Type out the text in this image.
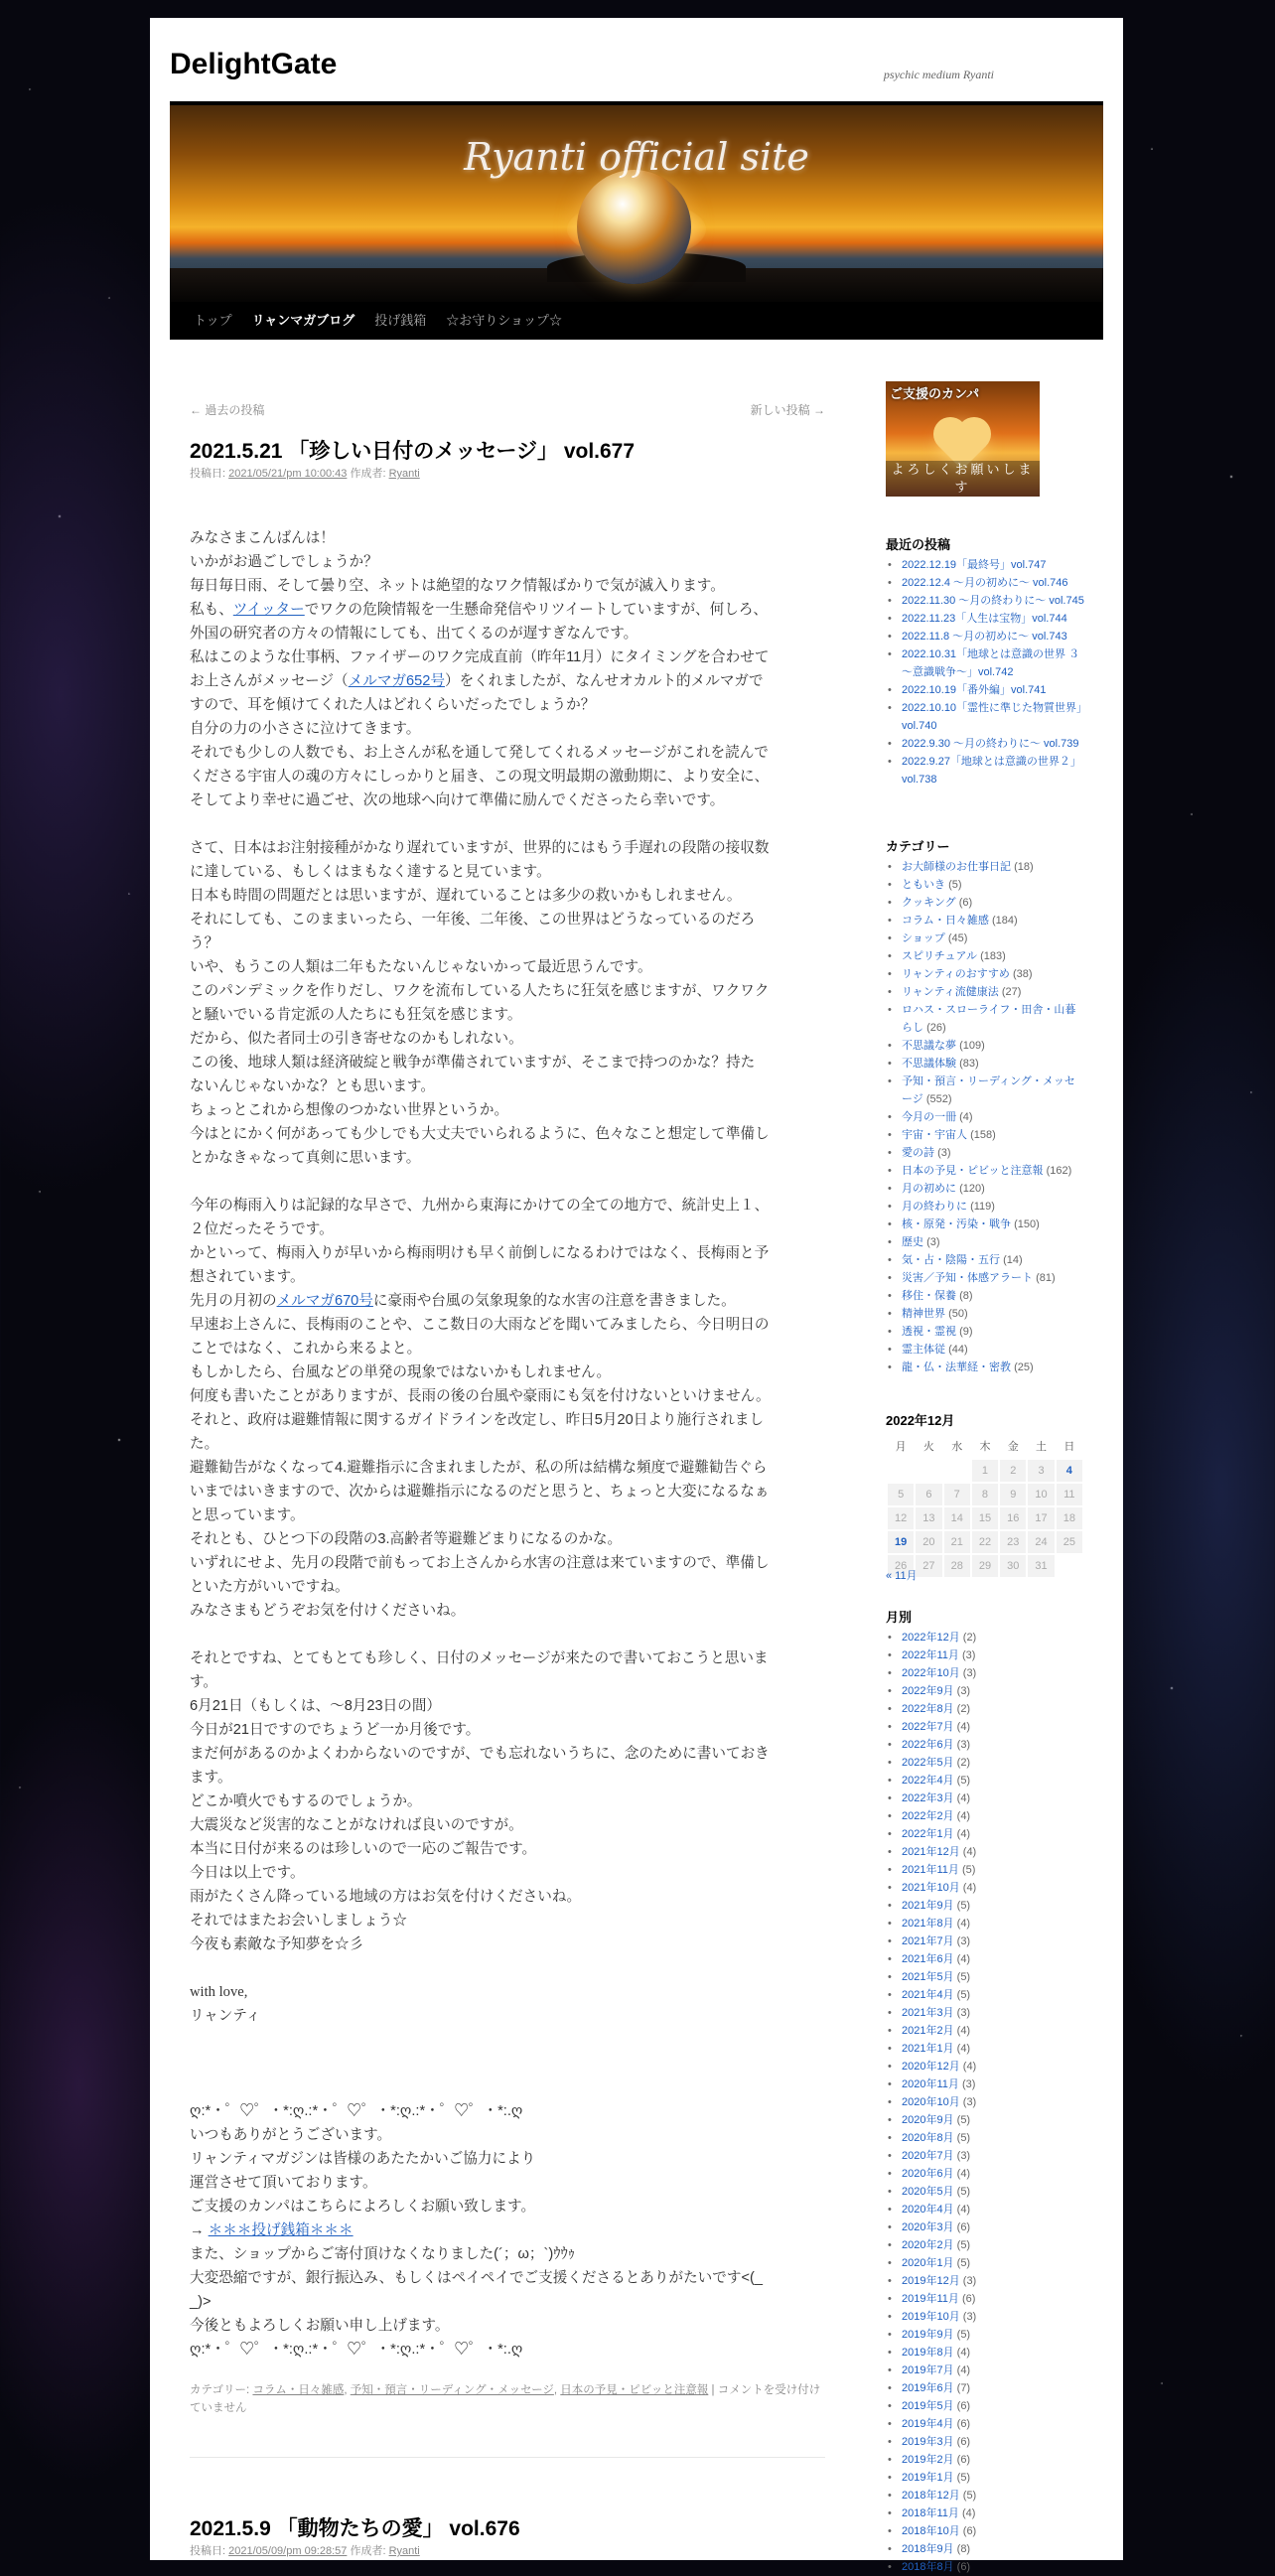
DelightGate	psychic medium Ryanti
Ryanti official site
トップ リャンマガブログ 投げ銭箱 ☆お守りショップ☆
← 過去の投稿	新しい投稿 →
2021.5.21 「珍しい日付のメッセージ」 vol.677
投稿日: 2021/05/21/pm 10:00:43 作成者: Ryanti

みなさまこんばんは！

いかがお過ごしでしょうか？

毎日毎日雨、そして曇り空、ネットは絶望的なワク情報ばかりで気が滅入ります。

私も、ツイッターでワクの危険情報を一生懸命発信やリツイートしていますが、何しろ、

外国の研究者の方々の情報にしても、出てくるのが遅すぎなんです。

私はこのような仕事柄、ファイザーのワク完成直前（昨年11月）にタイミングを合わせて

お上さんがメッセージ（メルマガ652号）をくれましたが、なんせオカルト的メルマガで

すので、耳を傾けてくれた人はどれくらいだったでしょうか？

自分の力の小ささに泣けてきます。

それでも少しの人数でも、お上さんが私を通して発してくれるメッセージがこれを読んで

くださる宇宙人の魂の方々にしっかりと届き、この現文明最期の激動期に、より安全に、

そしてより幸せに過ごせ、次の地球へ向けて準備に励んでくださったら幸いです。

さて、日本はお注射接種がかなり遅れていますが、世界的にはもう手遅れの段階の接収数

に達している、もしくはまもなく達すると見ています。

日本も時間の問題だとは思いますが、遅れていることは多少の救いかもしれません。

それにしても、このままいったら、一年後、二年後、この世界はどうなっているのだろ

う？

いや、もうこの人類は二年もたないんじゃないかって最近思うんです。

このパンデミックを作りだし、ワクを流布している人たちに狂気を感じますが、ワクワク

と騒いでいる肯定派の人たちにも狂気を感じます。

だから、似た者同士の引き寄せなのかもしれない。

この後、地球人類は経済破綻と戦争が準備されていますが、そこまで持つのかな？持た

ないんじゃないかな？とも思います。

ちょっとこれから想像のつかない世界というか。

今はとにかく何があっても少しでも大丈夫でいられるように、色々なこと想定して準備し

とかなきゃなって真剣に思います。

今年の梅雨入りは記録的な早さで、九州から東海にかけての全ての地方で、統計史上１、

２位だったそうです。

かといって、梅雨入りが早いから梅雨明けも早く前倒しになるわけではなく、長梅雨と予

想されています。

先月の月初のメルマガ670号に豪雨や台風の気象現象的な水害の注意を書きました。

早速お上さんに、長梅雨のことや、ここ数日の大雨などを聞いてみましたら、今日明日の

ことではなく、これから来るよと。

もしかしたら、台風などの単発の現象ではないかもしれません。

何度も書いたことがありますが、長雨の後の台風や豪雨にも気を付けないといけません。

それと、政府は避難情報に関するガイドラインを改定し、昨日5月20日より施行されまし

た。

避難勧告がなくなって4.避難指示に含まれましたが、私の所は結構な頻度で避難勧告ぐら

いまではいきますので、次からは避難指示になるのだと思うと、ちょっと大変になるなぁ

と思っています。

それとも、ひとつ下の段階の3.高齢者等避難どまりになるのかな。

いずれにせよ、先月の段階で前もってお上さんから水害の注意は来ていますので、準備し

といた方がいいですね。

みなさまもどうぞお気を付けくださいね。

それとですね、とてもとても珍しく、日付のメッセージが来たので書いておこうと思いま

す。

6月21日（もしくは、～8月23日の間）

今日が21日ですのでちょうど一か月後です。

まだ何があるのかよくわからないのですが、でも忘れないうちに、念のために書いておき

ます。

どこか噴火でもするのでしょうか。

大震災など災害的なことがなければ良いのですが。

本当に日付が来るのは珍しいので一応のご報告です。

今日は以上です。

雨がたくさん降っている地域の方はお気を付けくださいね。

それではまたお会いしましょう☆

今夜も素敵な予知夢を☆彡

with love,

リャンティ

ღ:*・゜♡゜・*:ღ.:*・゜♡゜・*:ღ.:*・゜♡゜・*:.ღ

いつもありがとうございます。

リャンティマガジンは皆様のあたたかいご協力により

運営させて頂いております。

ご支援のカンパはこちらによろしくお願い致します。

→ ＊＊＊投げ銭箱＊＊＊

また、ショップからご寄付頂けなくなりました(´；ω；`)ｳｳｩ

大変恐縮ですが、銀行振込み、もしくはペイペイでご支援くださるとありがたいです<(_

_)>

今後ともよろしくお願い申し上げます。

ღ:*・゜♡゜・*:ღ.:*・゜♡゜・*:ღ.:*・゜♡゜・*:.ღ

カテゴリー: コラム・日々雑感, 予知・預言・リーディング・メッセージ, 日本の予見・ピビッと注意報 | コメントを受け付けていません
2021.5.9 「動物たちの愛」 vol.676
投稿日: 2021/05/09/pm 09:28:57 作成者: Ryanti
ご支援のカンパ
よろしくお願いします
最近の投稿
• 2022.12.19「最終号」vol.747
• 2022.12.4 ～月の初めに～ vol.746
• 2022.11.30 ～月の終わりに～ vol.745
• 2022.11.23「人生は宝物」vol.744
• 2022.11.8 ～月の初めに～ vol.743
• 2022.10.31「地球とは意識の世界 ３～意識戦争～」vol.742
• 2022.10.19「番外編」vol.741
• 2022.10.10「霊性に準じた物質世界」vol.740
• 2022.9.30 ～月の終わりに～ vol.739
• 2022.9.27「地球とは意識の世界２」vol.738
カテゴリー
• お大師様のお仕事日記 (18)
• ともいき (5)
• クッキング (6)
• コラム・日々雑感 (184)
• ショップ (45)
• スピリチュアル (183)
• リャンティのおすすめ (38)
• リャンティ流健康法 (27)
• ロハス・スローライフ・田舎・山暮らし (26)
• 不思議な夢 (109)
• 不思議体験 (83)
• 予知・預言・リーディング・メッセージ (552)
• 今月の一冊 (4)
• 宇宙・宇宙人 (158)
• 愛の詩 (3)
• 日本の予見・ピビッと注意報 (162)
• 月の初めに (120)
• 月の終わりに (119)
• 核・原発・汚染・戦争 (150)
• 歴史 (3)
• 気・占・陰陽・五行 (14)
• 災害／予知・体感アラート (81)
• 移住・保養 (8)
• 精神世界 (50)
• 透視・霊視 (9)
• 霊主体従 (44)
• 龍・仏・法華経・密教 (25)
2022年12月
月	火	水	木	金	土	日
			1	2	3	4
5	6	7	8	9	10	11
12	13	14	15	16	17	18
19	20	21	22	23	24	25
26	27	28	29	30	31	
« 11月
月別
• 2022年12月 (2)
• 2022年11月 (3)
• 2022年10月 (3)
• 2022年9月 (3)
• 2022年8月 (2)
• 2022年7月 (4)
• 2022年6月 (3)
• 2022年5月 (2)
• 2022年4月 (5)
• 2022年3月 (4)
• 2022年2月 (4)
• 2022年1月 (4)
• 2021年12月 (4)
• 2021年11月 (5)
• 2021年10月 (4)
• 2021年9月 (5)
• 2021年8月 (4)
• 2021年7月 (3)
• 2021年6月 (4)
• 2021年5月 (5)
• 2021年4月 (5)
• 2021年3月 (3)
• 2021年2月 (4)
• 2021年1月 (4)
• 2020年12月 (4)
• 2020年11月 (3)
• 2020年10月 (3)
• 2020年9月 (5)
• 2020年8月 (5)
• 2020年7月 (3)
• 2020年6月 (4)
• 2020年5月 (5)
• 2020年4月 (4)
• 2020年3月 (6)
• 2020年2月 (5)
• 2020年1月 (5)
• 2019年12月 (3)
• 2019年11月 (6)
• 2019年10月 (3)
• 2019年9月 (5)
• 2019年8月 (4)
• 2019年7月 (4)
• 2019年6月 (7)
• 2019年5月 (6)
• 2019年4月 (6)
• 2019年3月 (6)
• 2019年2月 (6)
• 2019年1月 (5)
• 2018年12月 (5)
• 2018年11月 (4)
• 2018年10月 (6)
• 2018年9月 (8)
• 2018年8月 (6)
